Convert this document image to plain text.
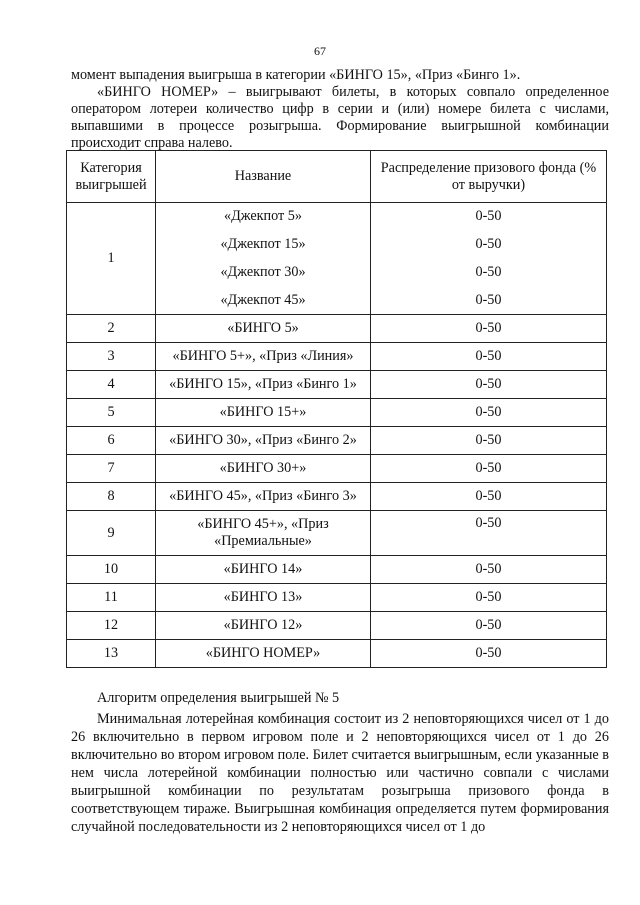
67

момент выпадения выигрыша в категории «БИНГО 15», «Приз «Бинго 1».

«БИНГО НОМЕР» – выигрывают билеты, в которых совпало определенное оператором лотереи количество цифр в серии и (или) номере билета с числами, выпавшими в процессе розыгрыша. Формирование выигрышной комбинации происходит справа налево.

Категория выигрышей	Название	Распределение призового фонда (% от выручки)
1	«Джекпот 5»	0-50
	«Джекпот 15»	0-50
	«Джекпот 30»	0-50
	«Джекпот 45»	0-50
2	«БИНГО 5»	0-50
3	«БИНГО 5+», «Приз «Линия»	0-50
4	«БИНГО 15», «Приз «Бинго 1»	0-50
5	«БИНГО 15+»	0-50
6	«БИНГО 30», «Приз «Бинго 2»	0-50
7	«БИНГО 30+»	0-50
8	«БИНГО 45», «Приз «Бинго 3»	0-50
9	«БИНГО 45+», «Приз «Премиальные»	0-50
10	«БИНГО 14»	0-50
11	«БИНГО 13»	0-50
12	«БИНГО 12»	0-50
13	«БИНГО НОМЕР»	0-50

Алгоритм определения выигрышей № 5

Минимальная лотерейная комбинация состоит из 2 неповторяющихся чисел от 1 до 26 включительно в первом игровом поле и 2 неповторяющихся чисел от 1 до 26 включительно во втором игровом поле. Билет считается выигрышным, если указанные в нем числа лотерейной комбинации полностью или частично совпали с числами выигрышной комбинации по результатам розыгрыша призового фонда в соответствующем тираже. Выигрышная комбинация определяется путем формирования случайной последовательности из 2 неповторяющихся чисел от 1 до
